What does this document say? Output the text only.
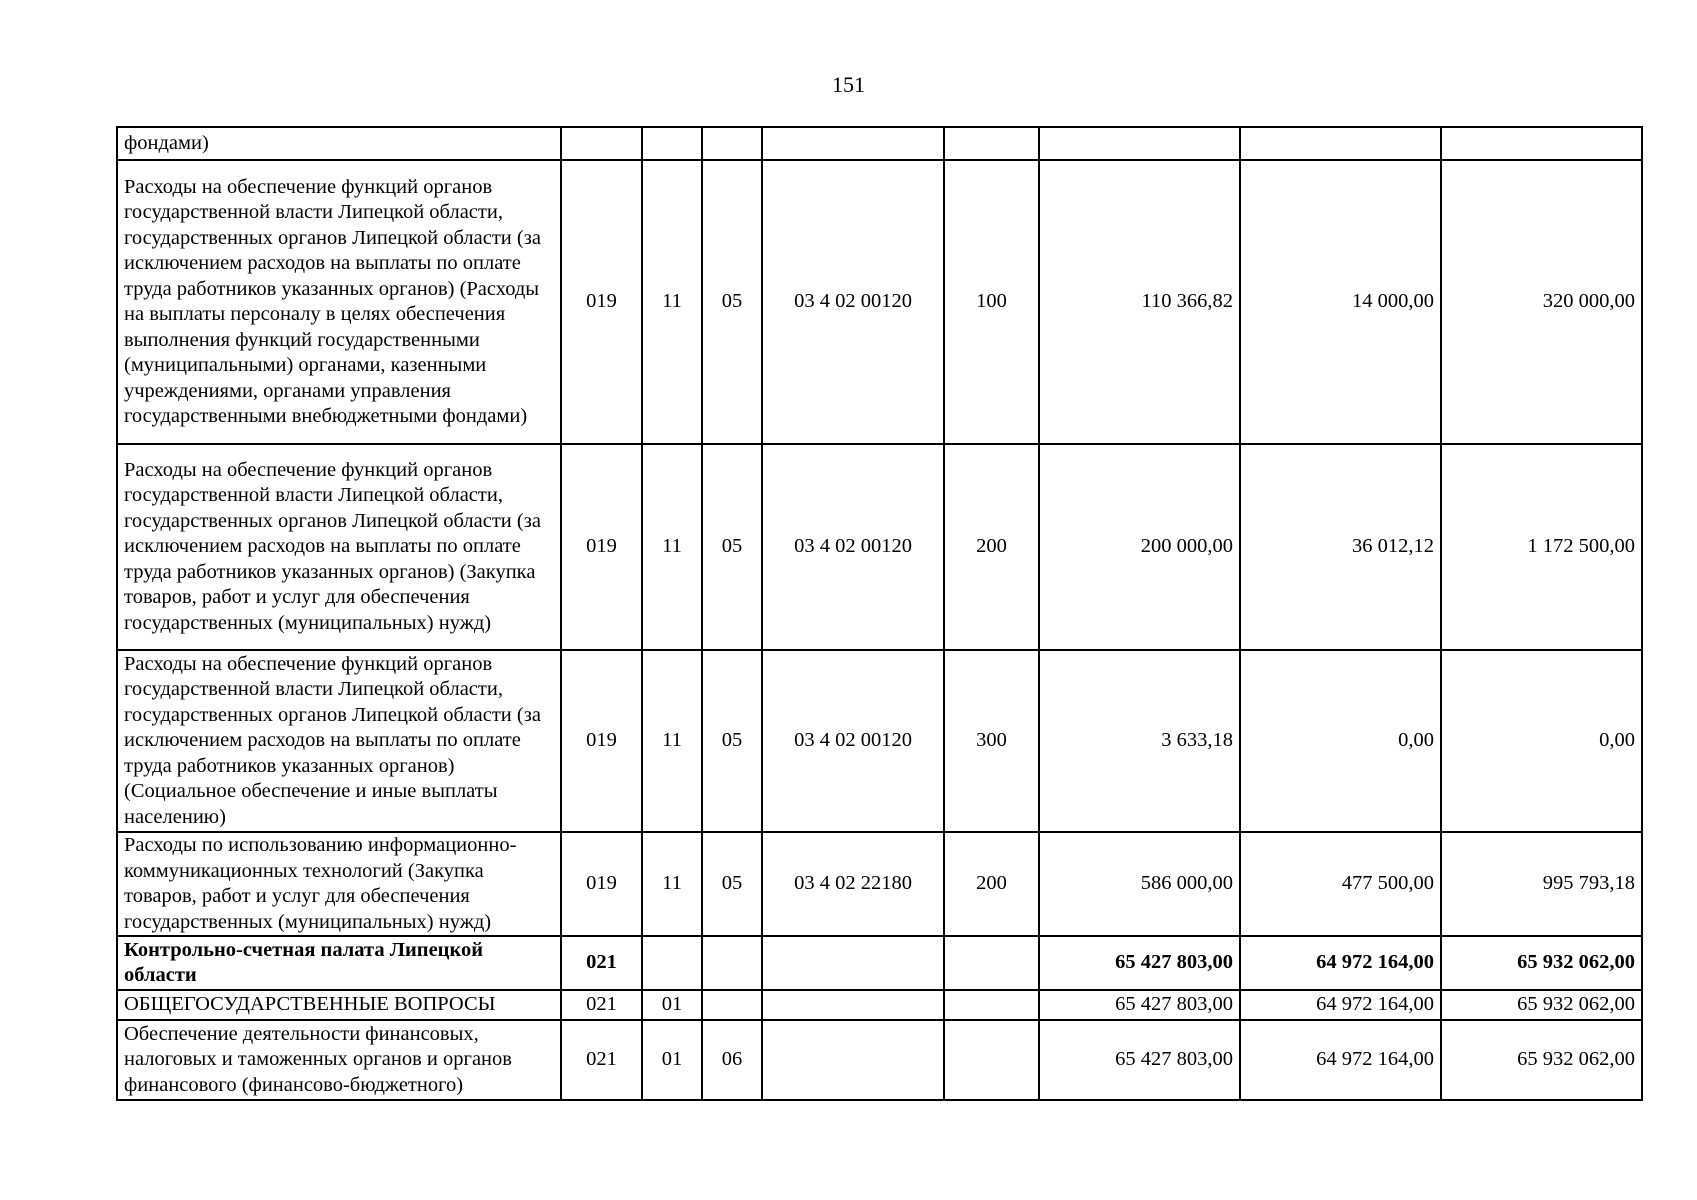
151
фондами)								
Расходы на обеспечение функций органов государственной власти Липецкой области, государственных органов Липецкой области (за исключением расходов на выплаты по оплате труда работников указанных органов) (Расходы на выплаты персоналу в целях обеспечения выполнения функций государственными (муниципальными) органами, казенными учреждениями, органами управления государственными внебюджетными фондами)	019	11	05	03 4 02 00120	100	110 366,82	14 000,00	320 000,00
Расходы на обеспечение функций органов государственной власти Липецкой области, государственных органов Липецкой области (за исключением расходов на выплаты по оплате труда работников указанных органов) (Закупка товаров, работ и услуг для обеспечения государственных (муниципальных) нужд)	019	11	05	03 4 02 00120	200	200 000,00	36 012,12	1 172 500,00
Расходы на обеспечение функций органов государственной власти Липецкой области, государственных органов Липецкой области (за исключением расходов на выплаты по оплате труда работников указанных органов) (Социальное обеспечение и иные выплаты населению)	019	11	05	03 4 02 00120	300	3 633,18	0,00	0,00
Расходы по использованию информационно-коммуникационных технологий (Закупка товаров, работ и услуг для обеспечения государственных (муниципальных) нужд)	019	11	05	03 4 02 22180	200	586 000,00	477 500,00	995 793,18
Контрольно-счетная палата Липецкой области	021					65 427 803,00	64 972 164,00	65 932 062,00
ОБЩЕГОСУДАРСТВЕННЫЕ ВОПРОСЫ	021	01				65 427 803,00	64 972 164,00	65 932 062,00
Обеспечение деятельности финансовых, налоговых и таможенных органов и органов финансового (финансово-бюджетного)	021	01	06			65 427 803,00	64 972 164,00	65 932 062,00
